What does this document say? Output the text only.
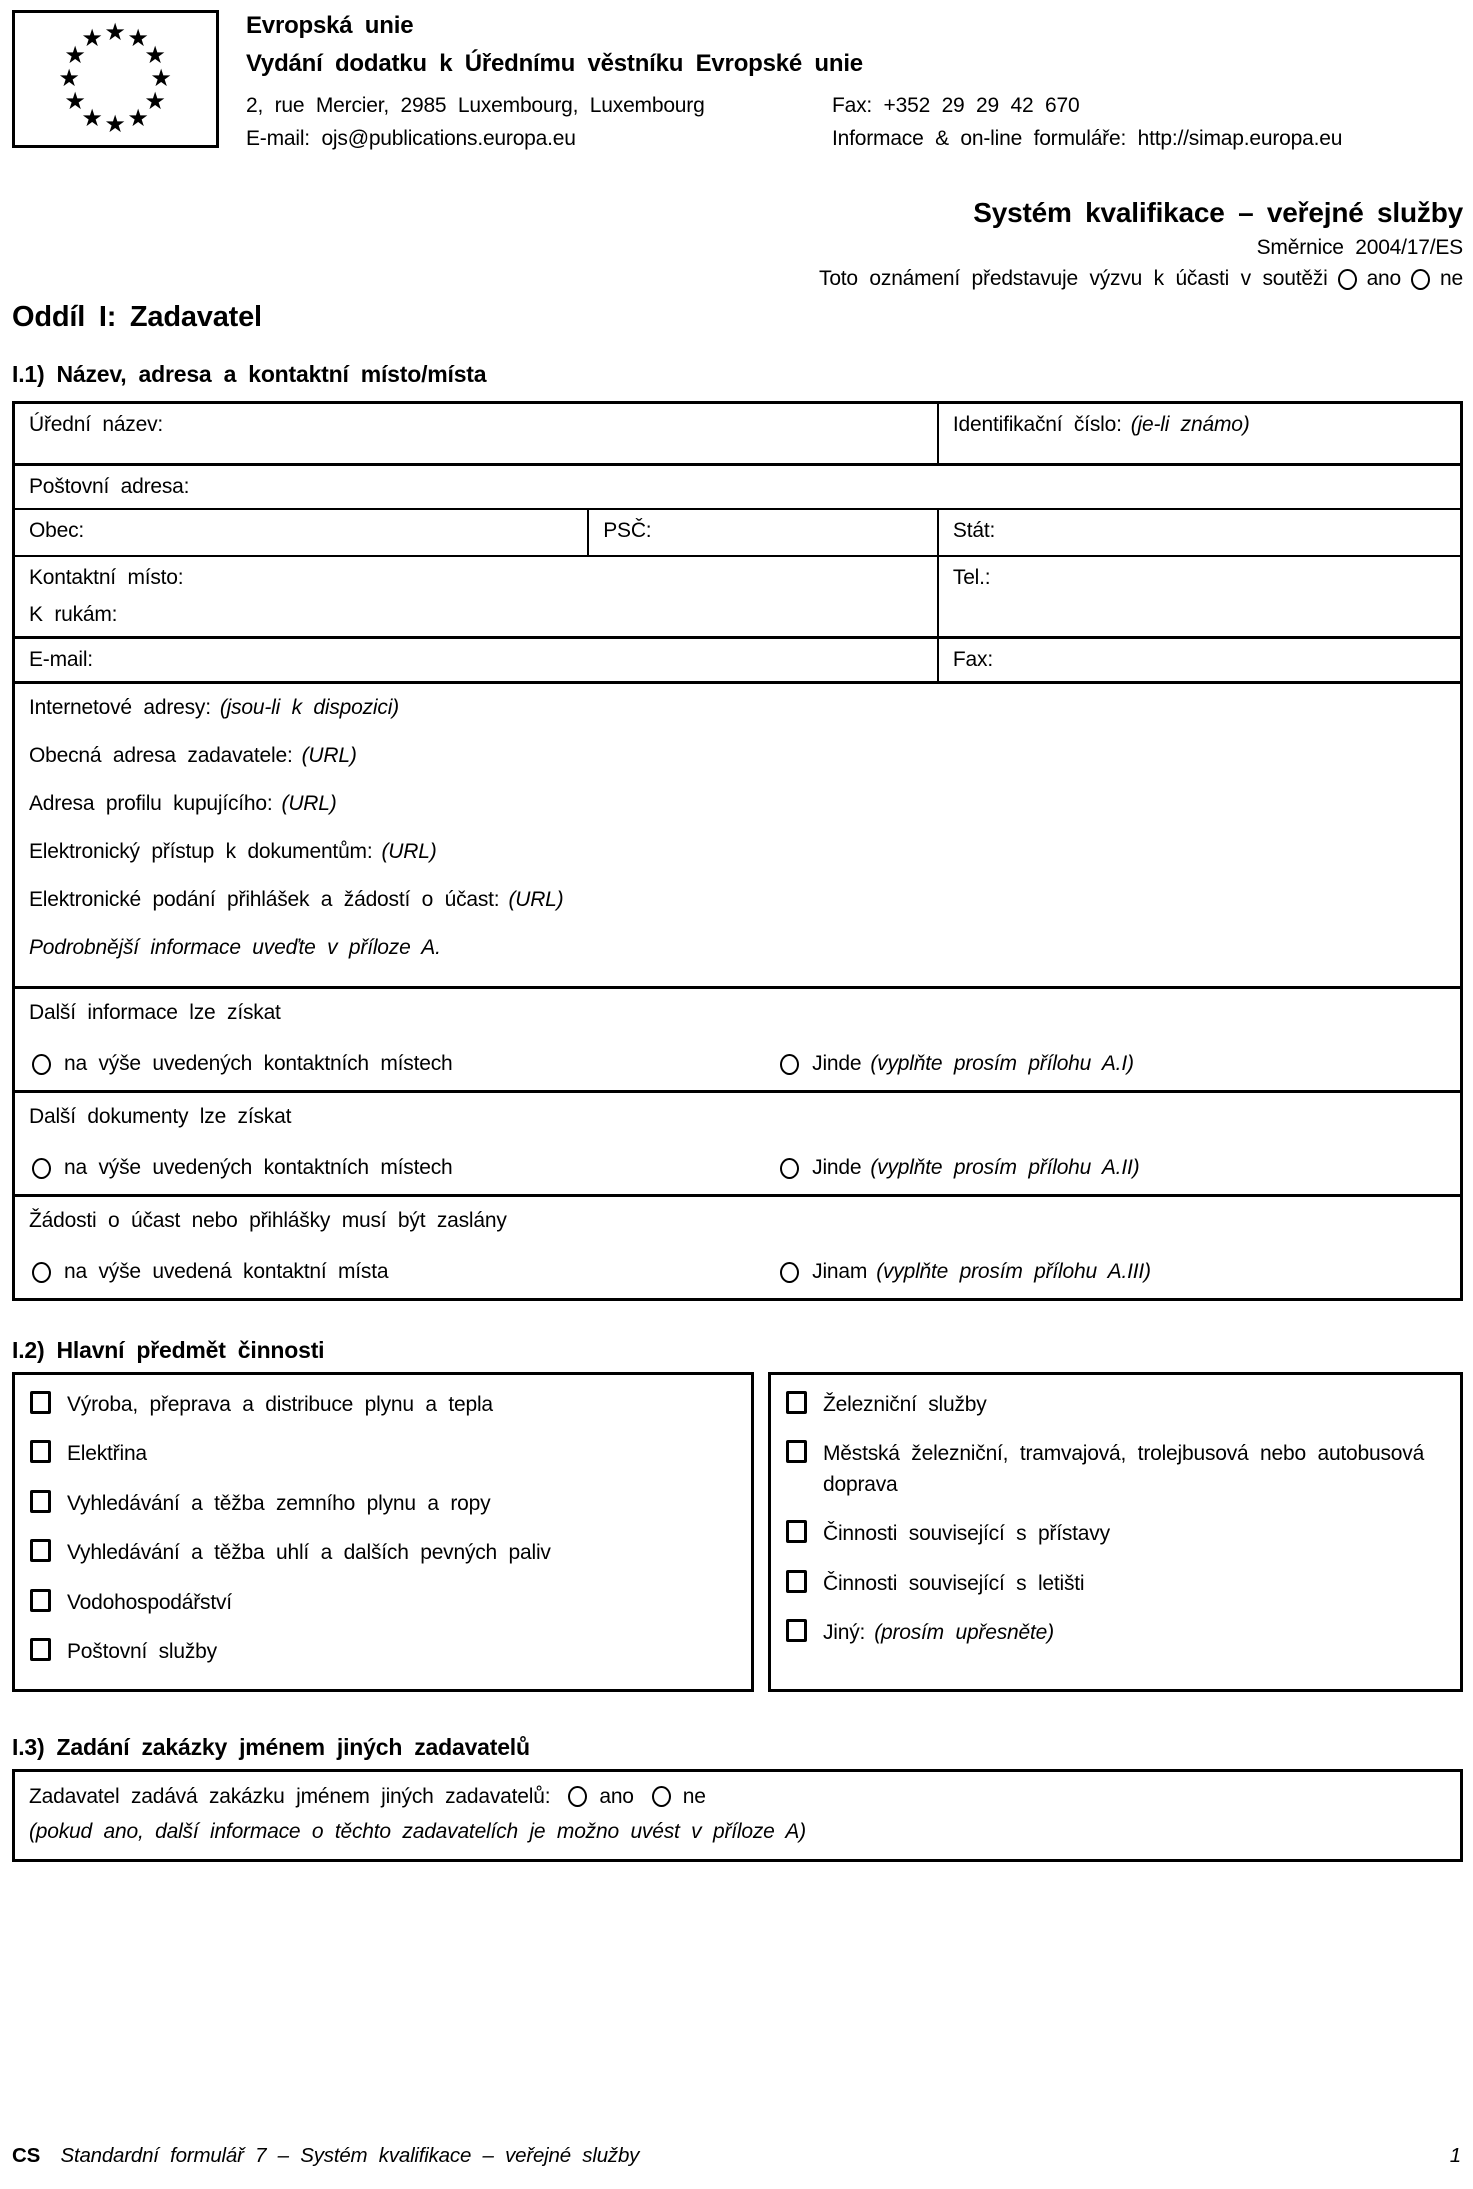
★ ★
★
★
★
★
★
★
★
★
★
★	Evropská unie
Vydání dodatku k Úřednímu věstníku Evropské unie
2, rue Mercier, 2985 Luxembourg, Luxembourg	Fax: +352 29 29 42 670
E-mail: ojs@publications.europa.eu	Informace & on-line formuláře: http://simap.europa.eu
Systém kvalifikace – veřejné služby
Směrnice 2004/17/ES
Toto oznámení představuje výzvu k účasti v soutěži ano ne
Oddíl I: Zadavatel
I.1) Název, adresa a kontaktní místo/místa
Úřední název:	Identifikační číslo: (je-li známo)
Poštovní adresa:
Obec:	PSČ:	Stát:
Kontaktní místo:
K rukám:
Tel.:
E-mail:	Fax:

Internetové adresy: (jsou-li k dispozici)

Obecná adresa zadavatele: (URL)

Adresa profilu kupujícího: (URL)

Elektronický přístup k dokumentům: (URL)

Elektronické podání přihlášek a žádostí o účast: (URL)

Podrobnější informace uveďte v příloze A.

Další informace lze získat
na výše uvedených kontaktních místech	Jinde (vyplňte prosím přílohu A.I)
Další dokumenty lze získat
na výše uvedených kontaktních místech	Jinde (vyplňte prosím přílohu A.II)
Žádosti o účast nebo přihlášky musí být zaslány
na výše uvedená kontaktní místa	Jinam (vyplňte prosím přílohu A.III)
I.2) Hlavní předmět činnosti
Výroba, přeprava a distribuce plynu a tepla
Elektřina
Vyhledávání a těžba zemního plynu a ropy
Vyhledávání a těžba uhlí a dalších pevných paliv
Vodohospodářství
Poštovní služby
Železniční služby
Městská železniční, tramvajová, trolejbusová nebo autobusová doprava
Činnosti související s přístavy
Činnosti související s letišti
Jiný: (prosím upřesněte)
I.3) Zadání zakázky jménem jiných zadavatelů
Zadavatel zadává zakázku jménem jiných zadavatelů: ano ne
(pokud ano, další informace o těchto zadavatelích je možno uvést v příloze A)
CS Standardní formulář 7 – Systém kvalifikace – veřejné služby	1
